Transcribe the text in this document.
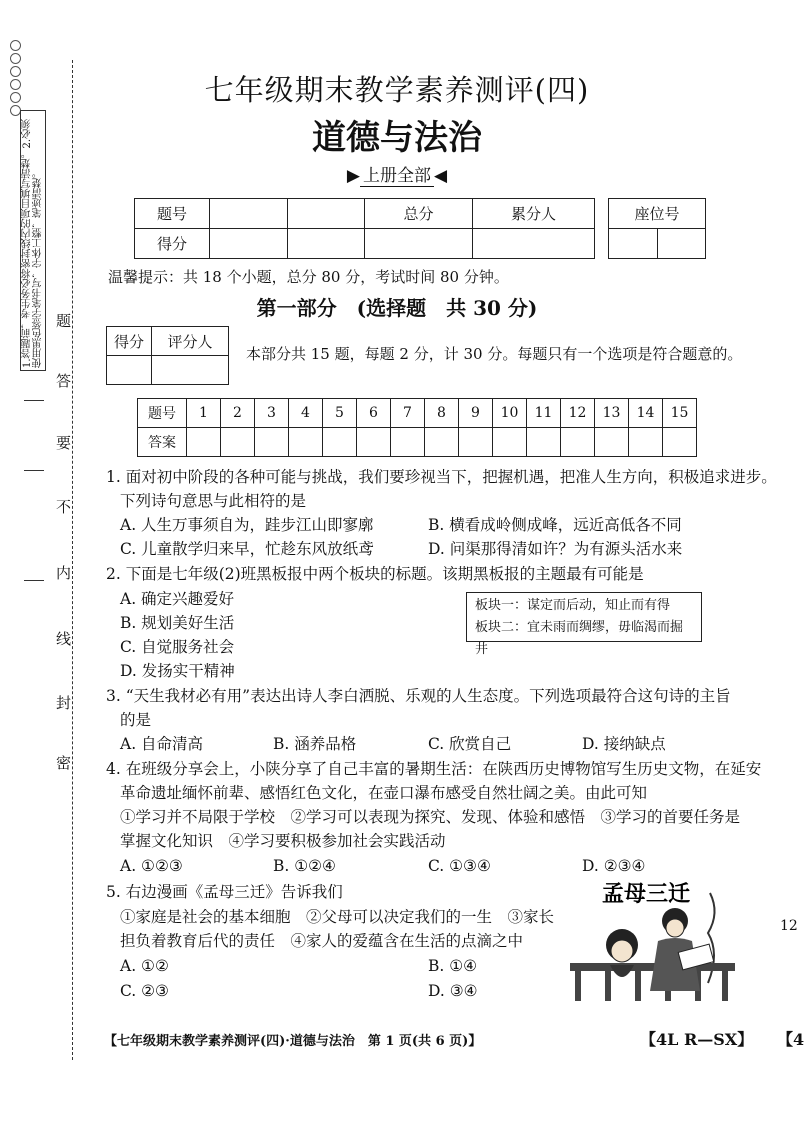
1.答题前，考生务必将密封线内的项目填写清楚。2.必须使用黑色签字笔书写，字体工整，笔迹清楚。 题
答
要
不
内
线
封
密
七年级期末教学素养测评(四)
道德与法治
▶ 上册全部 ◀
题号			总分	累分人
得分				
座位号

温馨提示：共 18 个小题，总分 80 分，考试时间 80 分钟。
第一部分　(选择题　共 30 分)
得分	评分人

本部分共 15 题，每题 2 分，计 30 分。每题只有一个选项是符合题意的。
题号	1	2	3	4	5	6	7	8	9	10	11	12	13	14	15
答案															
1. 面对初中阶段的各种可能与挑战，我们要珍视当下，把握机遇，把准人生方向，积极追求进步。
下列诗句意思与此相符的是
A. 人生万事须自为，跬步江山即寥廓	B. 横看成岭侧成峰，远近高低各不同
C. 儿童散学归来早，忙趁东风放纸鸢	D. 问渠那得清如许？为有源头活水来
2. 下面是七年级(2)班黑板报中两个板块的标题。该期黑板报的主题最有可能是
A. 确定兴趣爱好
B. 规划美好生活
C. 自觉服务社会
D. 发扬实干精神
板块一：谋定而后动，知止而有得
板块二：宜未雨而绸缪，毋临渴而掘井
3. “天生我材必有用”表达出诗人李白洒脱、乐观的人生态度。下列选项最符合这句诗的主旨
的是
A. 自命清高	B. 涵养品格	C. 欣赏自己	D. 接纳缺点
4. 在班级分享会上，小陕分享了自己丰富的暑期生活：在陕西历史博物馆写生历史文物，在延安
革命遗址缅怀前辈、感悟红色文化，在壶口瀑布感受自然壮阔之美。由此可知
①学习并不局限于学校　②学习可以表现为探究、发现、体验和感悟　③学习的首要任务是
掌握文化知识　④学习要积极参加社会实践活动
A. ①②③	B. ①②④	C. ①③④	D. ②③④
5. 右边漫画《孟母三迁》告诉我们
①家庭是社会的基本细胞　②父母可以决定我们的一生　③家长
担负着教育后代的责任　④家人的爱蕴含在生活的点滴之中
A. ①②	B. ①④
C. ②③	D. ③④
孟母三迁
12
【七年级期末教学素养测评(四)·道德与法治　第 1 页(共 6 页)】	【4L R—SX】 【4
